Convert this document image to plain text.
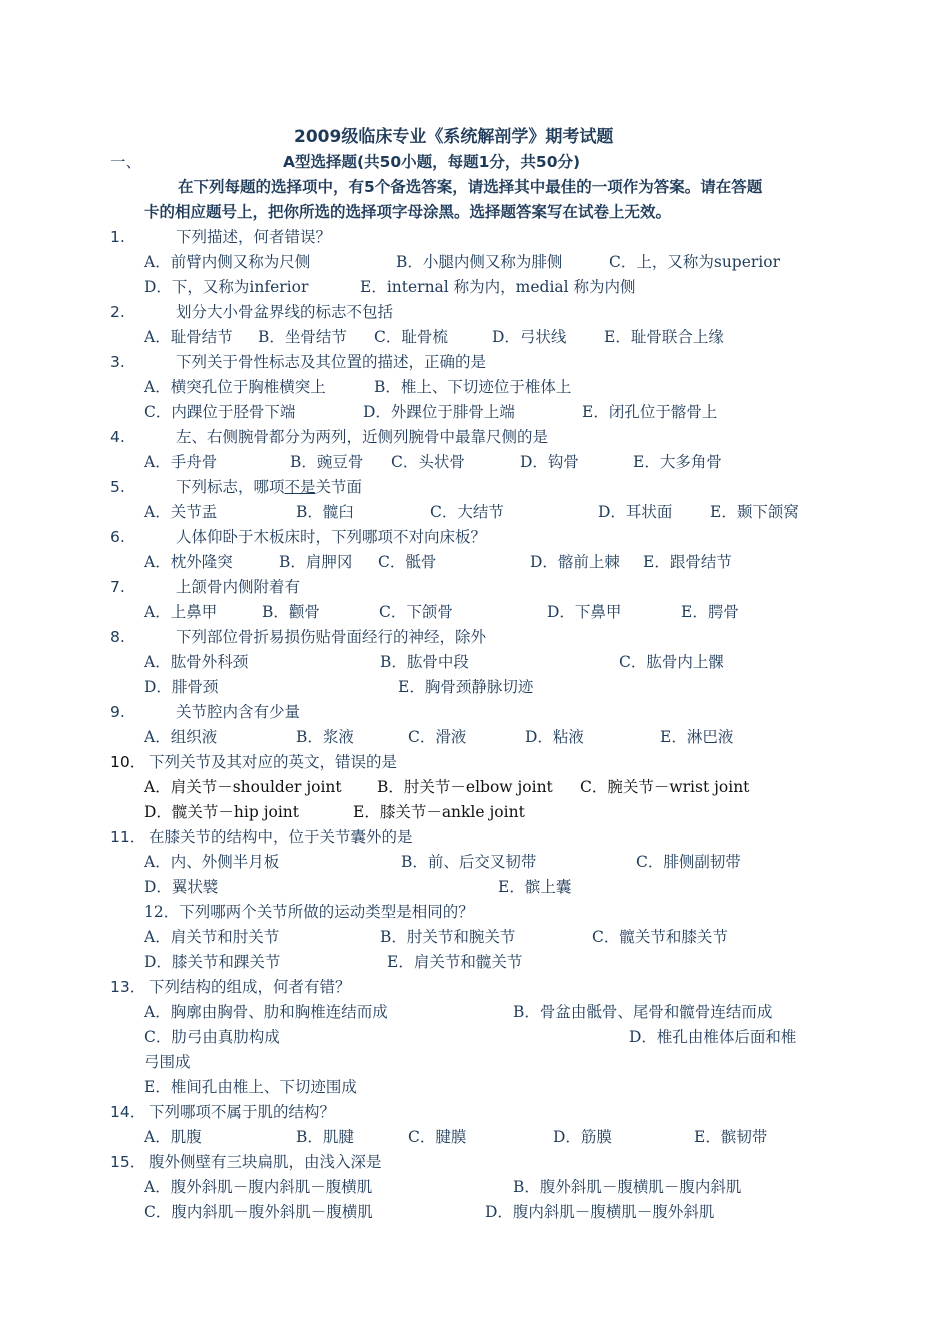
2009级临床专业《系统解剖学》期考试题
一、	A型选择题(共50小题，每题1分，共50分)
在下列每题的选择项中，有5个备选答案，请选择其中最佳的一项作为答案。请在答题
卡的相应题号上，把你所选的选择项字母涂黑。选择题答案写在试卷上无效。
1.	下列描述，何者错误？
A．前臂内侧又称为尺侧	B．小腿内侧又称为腓侧	C．上，又称为superior
D．下，又称为inferior	E．internal 称为内，medial 称为内侧
2.	划分大小骨盆界线的标志不包括
A．耻骨结节 B．坐骨结节 C．耻骨梳	D．弓状线 E．耻骨联合上缘
3.	下列关于骨性标志及其位置的描述，正确的是
A．横突孔位于胸椎横突上	B．椎上、下切迹位于椎体上
C．内踝位于胫骨下端	D．外踝位于腓骨上端	E．闭孔位于髂骨上
4.	左、右侧腕骨都分为两列，近侧列腕骨中最靠尺侧的是
A．手舟骨	B．豌豆骨 C．头状骨	D．钩骨	E．大多角骨
5.	下列标志，哪项不是关节面
A．关节盂	B．髋臼	C．大结节	D．耳状面 E．颞下颌窝
6.	人体仰卧于木板床时，下列哪项不对向床板？
A．枕外隆突	B．肩胛冈 C．骶骨	D．髂前上棘 E．跟骨结节
7.	上颌骨内侧附着有
A．上鼻甲	B．颧骨	C．下颌骨	D．下鼻甲	E．腭骨
8.	下列部位骨折易损伤贴骨面经行的神经，除外
A．肱骨外科颈	B．肱骨中段	C．肱骨内上髁
D．腓骨颈	E．胸骨颈静脉切迹
9.	关节腔内含有少量
A．组织液	B．浆液	C．滑液	D．粘液	E．淋巴液
10． 下列关节及其对应的英文，错误的是
A．肩关节－shoulder joint B．肘关节－elbow joint C．腕关节－wrist joint
D．髋关节－hip joint	E．膝关节－ankle joint
11． 在膝关节的结构中，位于关节囊外的是
A．内、外侧半月板	B．前、后交叉韧带	C．腓侧副韧带
D．翼状襞	E．髌上囊
12．下列哪两个关节所做的运动类型是相同的？
A．肩关节和肘关节	B．肘关节和腕关节	C．髋关节和膝关节
D．膝关节和踝关节	E．肩关节和髋关节
13． 下列结构的组成，何者有错？
A．胸廓由胸骨、肋和胸椎连结而成	B．骨盆由骶骨、尾骨和髋骨连结而成
C．肋弓由真肋构成	D．椎孔由椎体后面和椎
弓围成
E．椎间孔由椎上、下切迹围成
14． 下列哪项不属于肌的结构？
A．肌腹	B．肌腱	C．腱膜	D．筋膜	E．髌韧带
15． 腹外侧壁有三块扁肌，由浅入深是
A．腹外斜肌－腹内斜肌－腹横肌	B．腹外斜肌－腹横肌－腹内斜肌
C．腹内斜肌－腹外斜肌－腹横肌	D．腹内斜肌－腹横肌－腹外斜肌
